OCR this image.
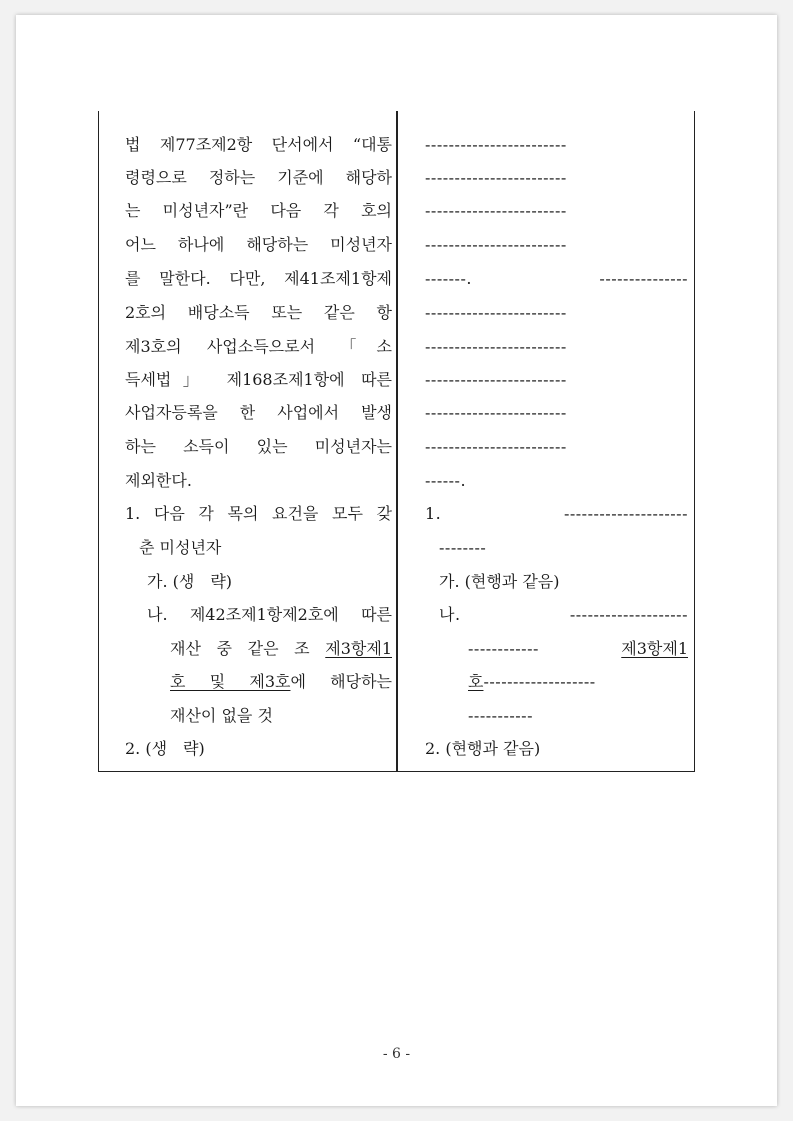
법 제77조제2항 단서에서 “대통
령령으로 정하는 기준에 해당하
는 미성년자”란 다음 각 호의
어느 하나에 해당하는 미성년자
를 말한다. 다만, 제41조제1항제
2호의 배당소득 또는 같은 항
제3호의 사업소득으로서 「소
득세법」 제168조제1항에 따른
사업자등록을 한 사업에서 발생
하는 소득이 있는 미성년자는
제외한다.
1. 다음 각 목의 요건을 모두 갖
춘 미성년자
가. (생　략)
나. 제42조제1항제2호에 따른
재산 중 같은 조 제3항제1
호 및 제3호에 해당하는
재산이 없을 것
2. (생　략)
------------------------
------------------------
------------------------
------------------------
-------. ---------------
------------------------
------------------------
------------------------
------------------------
------------------------
------.
1. ---------------------
--------
가. (현행과 같음)
나. --------------------
------------	제3항제1
호-------------------
-----------
2. (현행과 같음)
- 6 -
